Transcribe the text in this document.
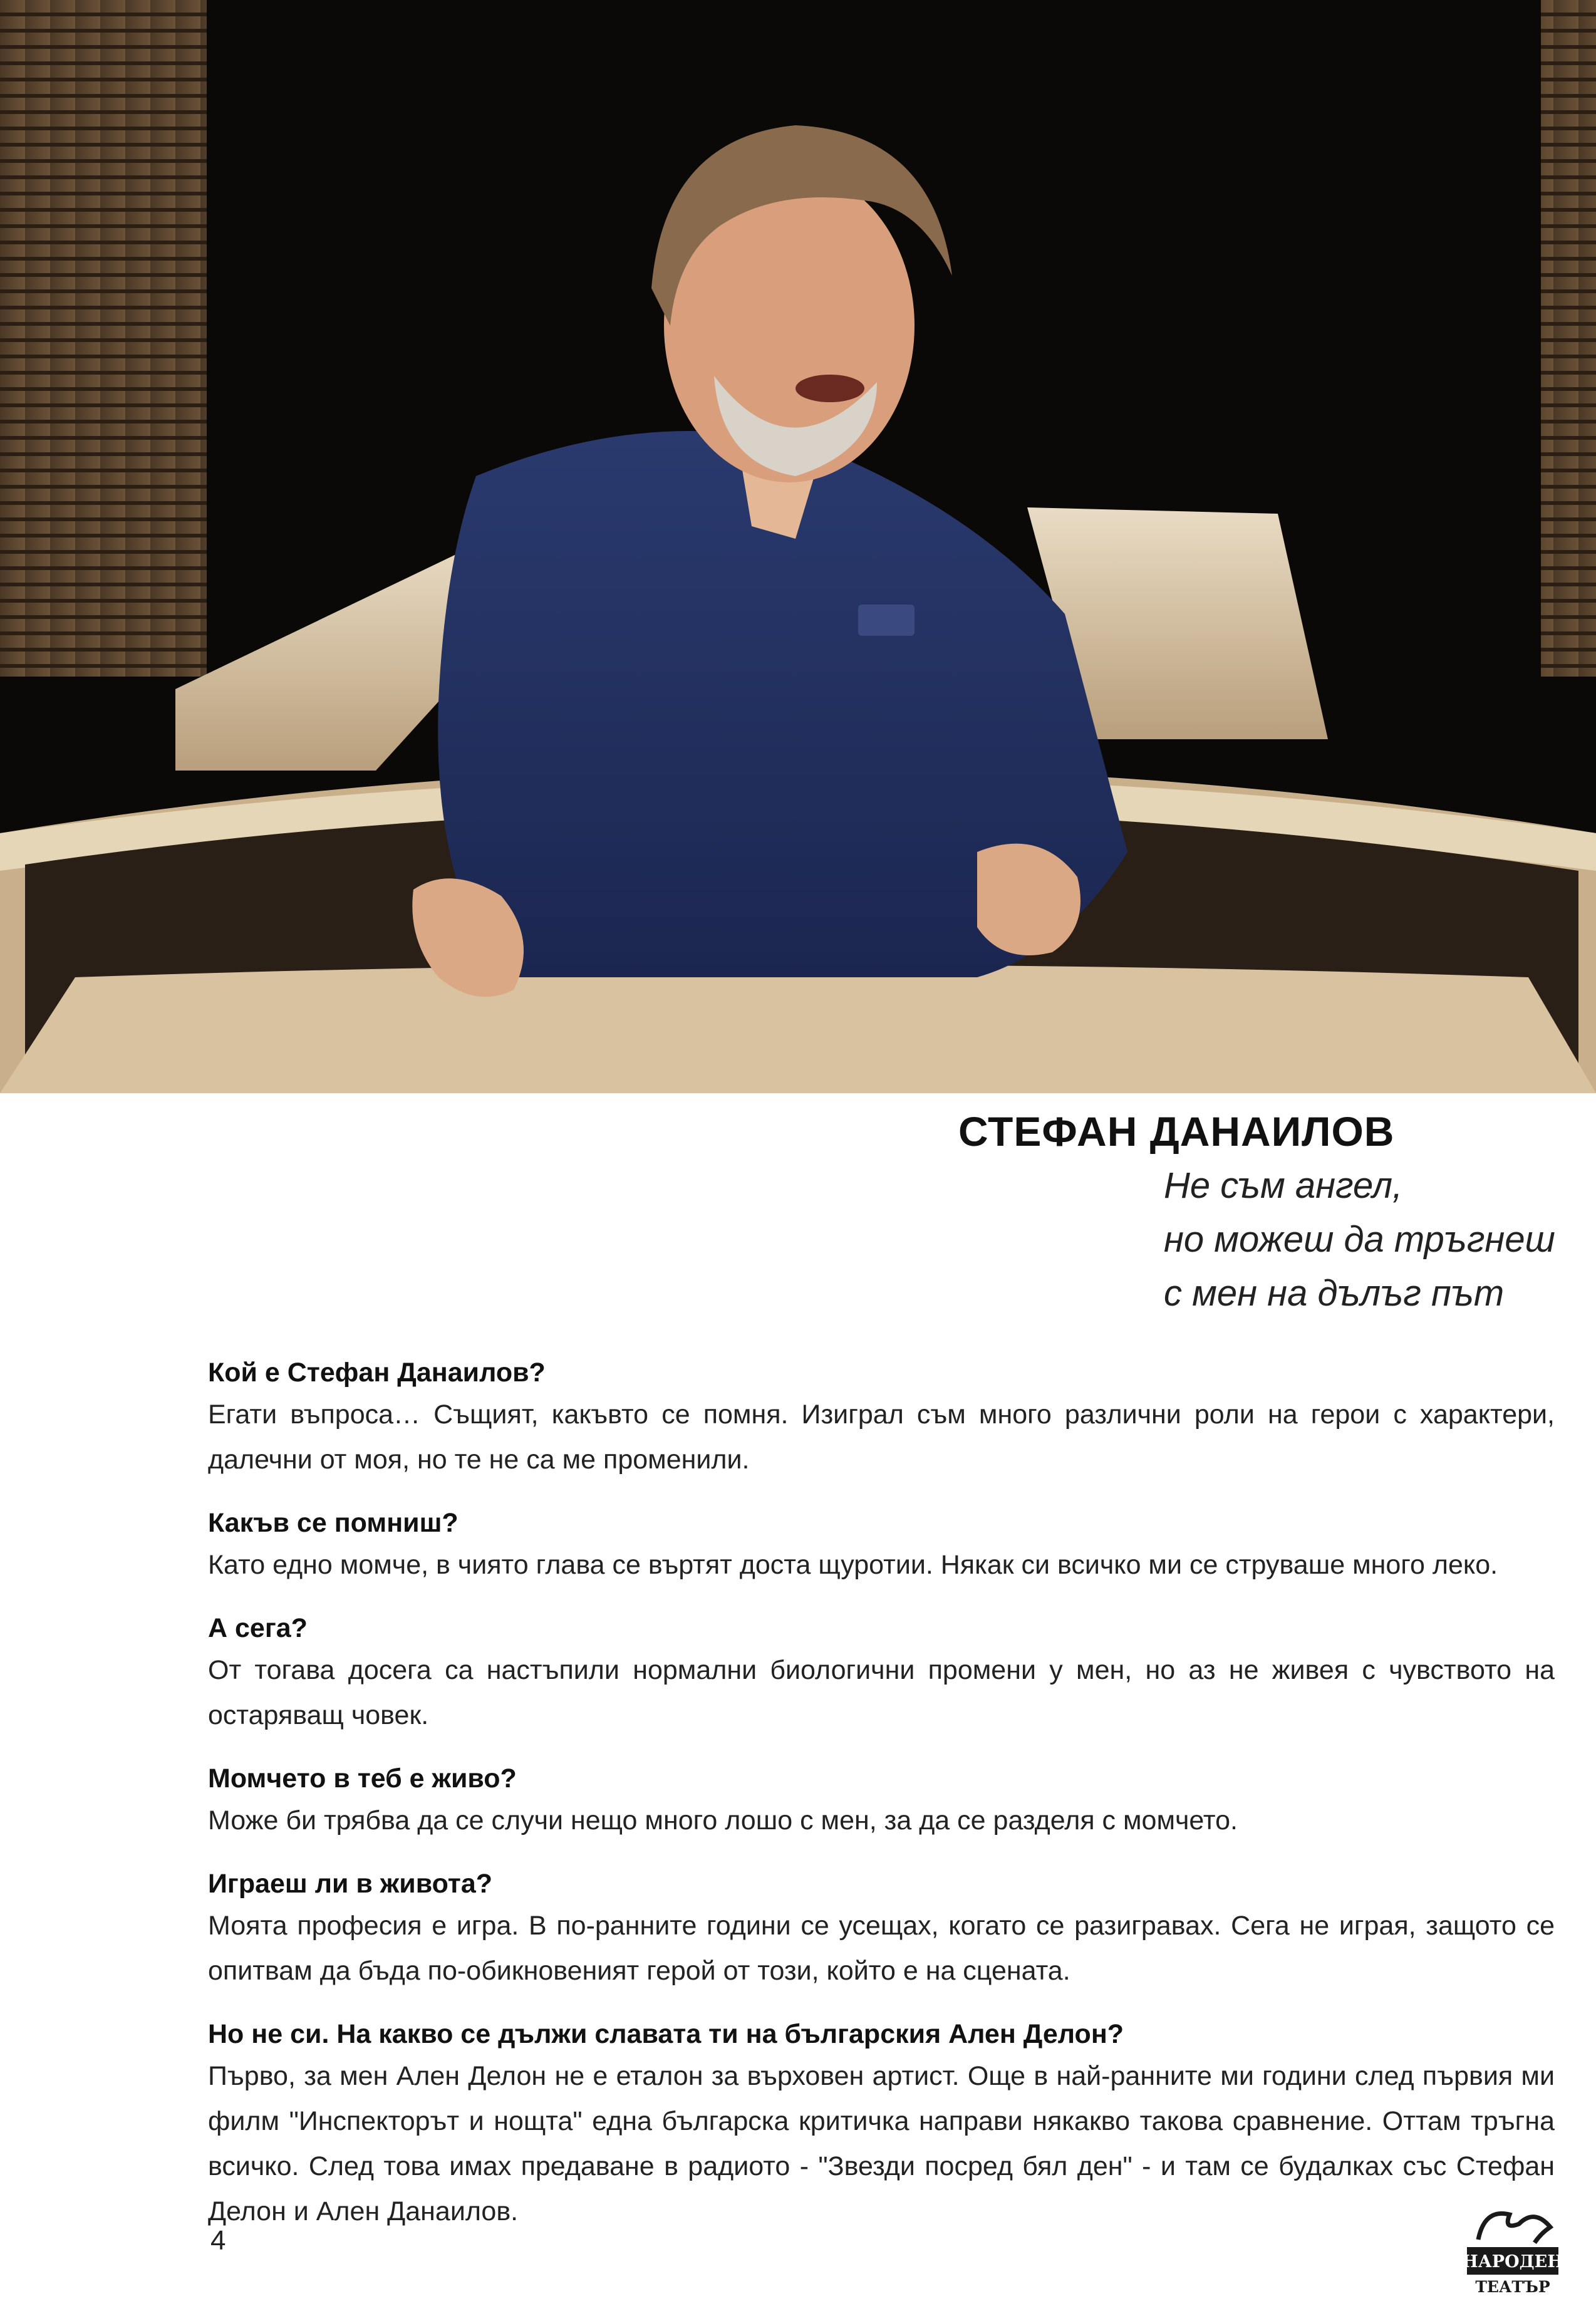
СТЕФАН ДАНАИЛОВ
Не съм ангел,
но можеш да тръгнеш
с мен на дълъг път
Кой е Стефан Данаилов?
Егати въпроса… Същият, какъвто се помня. Изиграл съм много различни роли на герои с характери, далечни от моя, но те не са ме променили.
Какъв се помниш?
Като едно момче, в чиято глава се въртят доста щуротии. Някак си всичко ми се струваше много леко.
А сега?
От тогава досега са настъпили нормални биологични промени у мен, но аз не живея с чувството на остаряващ човек.
Момчето в теб е живо?
Може би трябва да се случи нещо много лошо с мен, за да се разделя с момчето.
Играеш ли в живота?
Моята професия е игра. В по-ранните години се усещах, когато се разигравах. Сега не играя, защото се опитвам да бъда по-обикновеният герой от този, който е на сцената.
Но не си. На какво се дължи славата ти на българския Ален Делон?
Първо, за мен Ален Делон не е еталон за върховен артист. Още в най-ранните ми години след първия ми филм "Инспекторът и нощта" една българска критичка направи някакво такова сравнение. Оттам тръгна всичко. След това имах предаване в радиото - "Звезди посред бял ден" - и там се будалках със Стефан Делон и Ален Данаилов.
4
НАРОДЕН
ТЕАТЪР
